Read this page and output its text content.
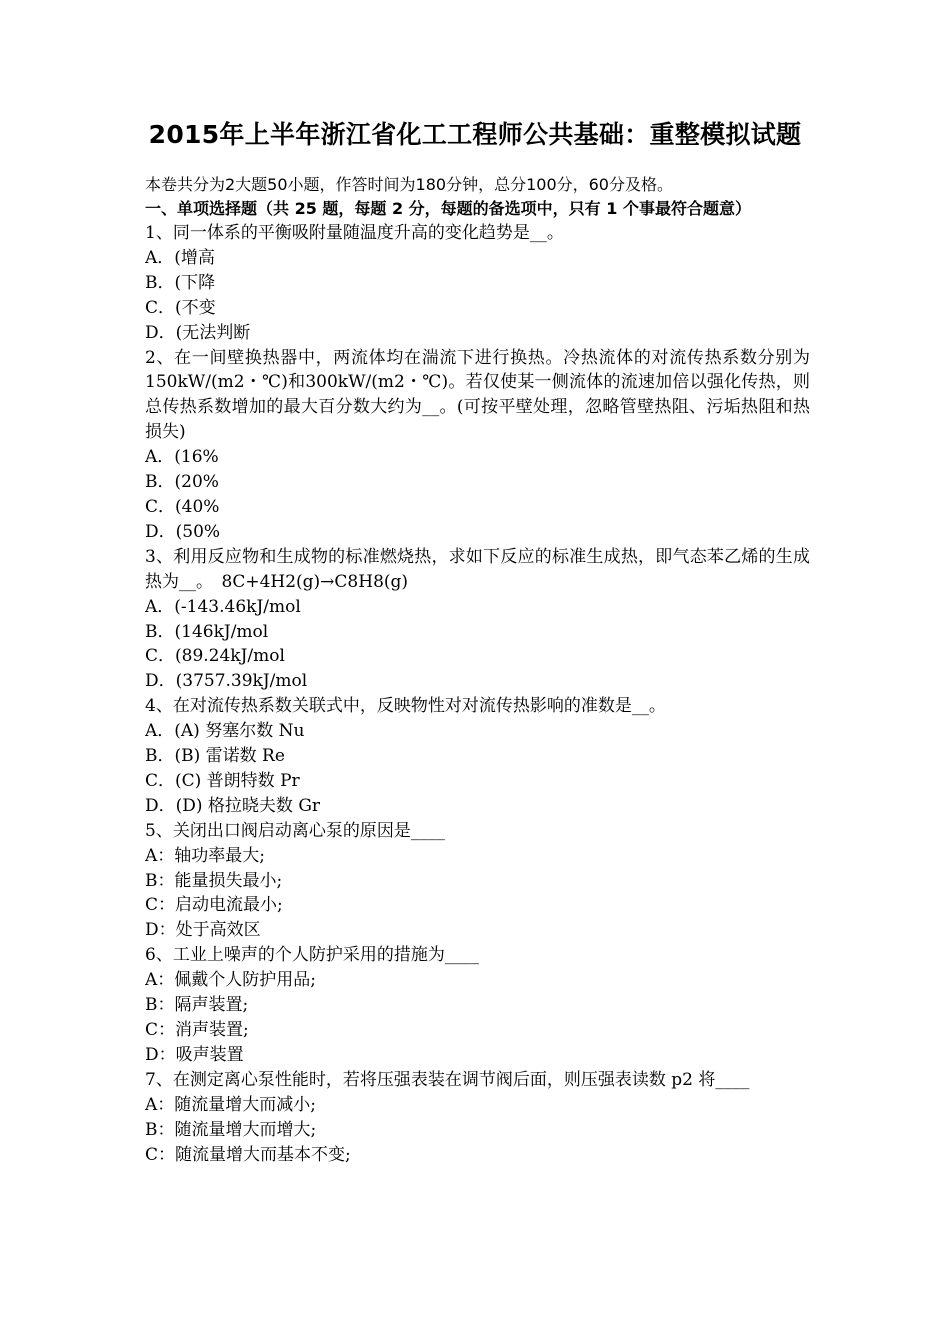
2015年上半年浙江省化工工程师公共基础：重整模拟试题
本卷共分为2大题50小题，作答时间为180分钟，总分100分，60分及格。
一、单项选择题（共 25 题，每题 2 分，每题的备选项中，只有 1 个事最符合题意）
1、同一体系的平衡吸附量随温度升高的变化趋势是__。
A．(增高
B．(下降
C．(不变
D．(无法判断
2、在一间壁换热器中，两流体均在湍流下进行换热。冷热流体的对流传热系数分别为150kW/(m2・℃)和300kW/(m2・℃)。若仅使某一侧流体的流速加倍以强化传热，则总传热系数增加的最大百分数大约为__。(可按平壁处理，忽略管壁热阻、污垢热阻和热损失)
A．(16%
B．(20%
C．(40%
D．(50%
3、利用反应物和生成物的标准燃烧热，求如下反应的标准生成热，即气态苯乙烯的生成热为__。　8C+4H2(g)→C8H8(g)
A．(-143.46kJ/mol
B．(146kJ/mol
C．(89.24kJ/mol
D．(3757.39kJ/mol
4、在对流传热系数关联式中，反映物性对对流传热影响的准数是__。
A．(A) 努塞尔数 Nu
B．(B) 雷诺数 Re
C．(C) 普朗特数 Pr
D．(D) 格拉晓夫数 Gr
5、关闭出口阀启动离心泵的原因是____
A：轴功率最大;
B：能量损失最小;
C：启动电流最小;
D：处于高效区
6、工业上噪声的个人防护采用的措施为____
A：佩戴个人防护用品;
B：隔声装置;
C：消声装置;
D：吸声装置
7、在测定离心泵性能时，若将压强表装在调节阀后面，则压强表读数 p2 将____
A：随流量增大而减小;
B：随流量增大而增大;
C：随流量增大而基本不变;
